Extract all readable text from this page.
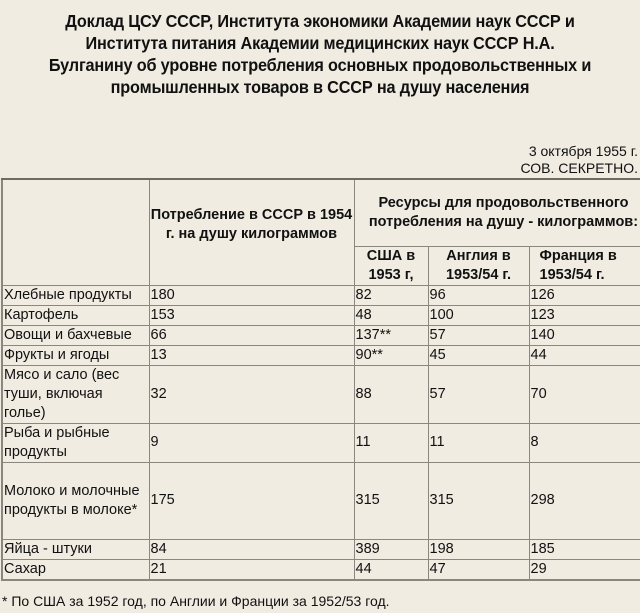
Доклад ЦСУ СССР, Института экономики Академии наук СССР и
Института питания Академии медицинских наук СССР Н.А.
Булганину об уровне потребления основных продовольственных и
промышленных товаров в СССР на душу населения
3 октября 1955 г.
СОВ. СЕКРЕТНО.
	Потребление в СССР в 1954 г. на душу килограммов	Ресурсы для продовольственного потребления на душу - килограммов:		

		США в 1953 г,	Англия в 1953/54 г.	Франция в 1953/54 г.
Хлебные продукты	180	82	96	126
Картофель	153	48	100	123
Овощи и бахчевые	66	137**	57	140
Фрукты и ягоды	13	90**	45	44
Мясо и сало (вес туши, включая голье)	32	88	57	70
Рыба и рыбные продукты	9	11	11	8
Молоко и молочные продукты в молоке*	175	315	315	298
Яйца - штуки	84	389	198	185
Сахар	21	44	47	29
* По США за 1952 год, по Англии и Франции за 1952/53 год.
